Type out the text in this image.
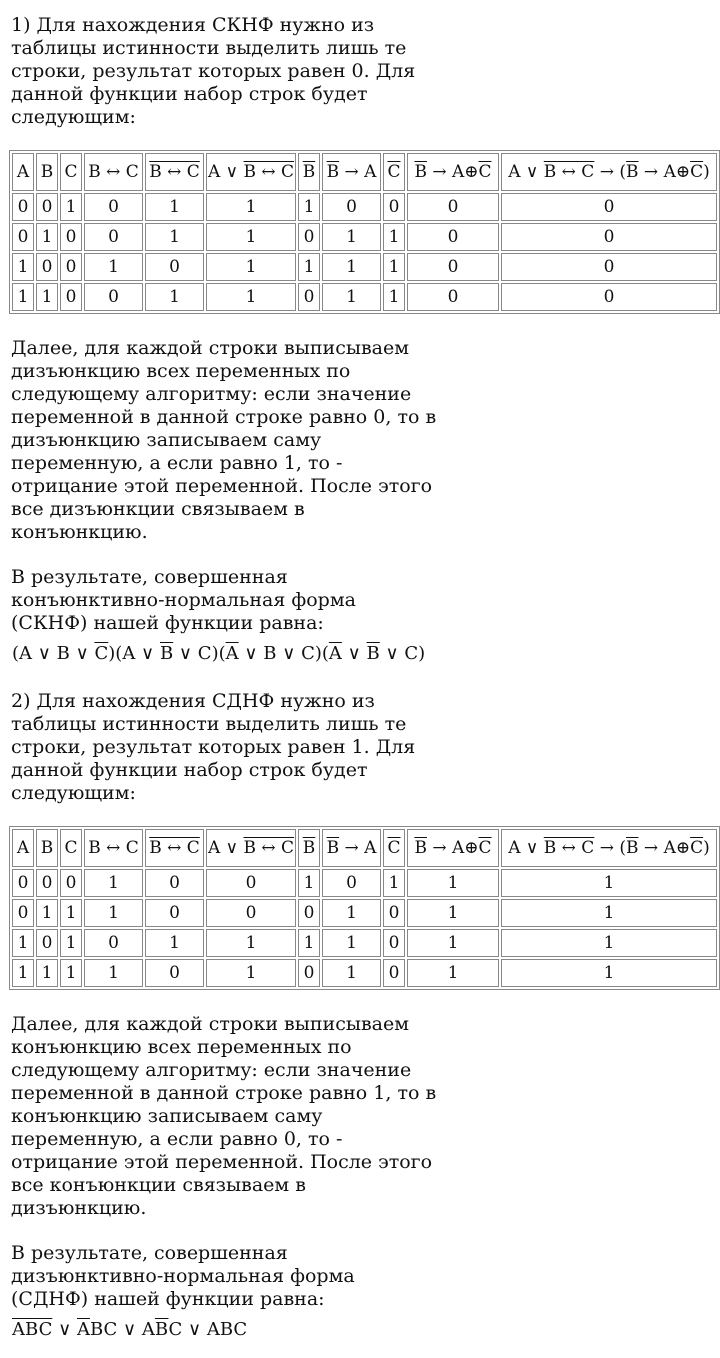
1) Для нахождения СКНФ нужно из
таблицы истинности выделить лишь те
строки, результат которых равен 0. Для
данной функции набор строк будет
следующим:
A	B	C	B ↔ C	B ↔ C	A ∨ B ↔ C	$\overline{B}$	$\overline{B} \to A$	$\overline{C}$	$\overline{B}$ → $A\oplus\overline{C}$	A ∨ B ↔ $C \to (\overline{B}$ → $A\oplus\overline{C}$)
0	0	1	0	1	1	1	0	0	0	0
0	1	0	0	1	1	0	1	1	0	0
1	0	0	1	0	1	1	1	1	0	0
1	1	0	0	1	1	0	1	1	0	0
Далее, для каждой строки выписываем
дизъюнкцию всех переменных по
следующему алгоритму: если значение
переменной в данной строке равно 0, то в
дизъюнкцию записываем саму
переменную, а если равно 1, то -
отрицание этой переменной. После этого
все дизъюнкции связываем в
конъюнкцию.
В результате, совершенная
конъюнктивно-нормальная форма
(СКНФ) нашей функции равна:
(A ∨ B ∨ $\overline{C})(A$ ∨ $\overline{B}$ ∨ $C)(\overline{A}$ ∨ B ∨ $C)(\overline{A}$ ∨ $\overline{B}$ ∨ C)
2) Для нахождения СДНФ нужно из
таблицы истинности выделить лишь те
строки, результат которых равен 1. Для
данной функции набор строк будет
следующим:
A	B	C	B ↔ C	B ↔ C	A ∨ B ↔ C	$\overline{B}$	$\overline{B} \to A$	$\overline{C}$	$\overline{B}$ → $A\oplus\overline{C}$	A ∨ B ↔ $C \to (\overline{B}$ → $A\oplus\overline{C}$)
0	0	0	1	0	0	1	0	1	1	1
0	1	1	1	0	0	0	1	0	1	1
1	0	1	0	1	1	1	1	0	1	1
1	1	1	1	0	1	0	1	0	1	1
Далее, для каждой строки выписываем
конъюнкцию всех переменных по
следующему алгоритму: если значение
переменной в данной строке равно 1, то в
конъюнкцию записываем саму
переменную, а если равно 0, то -
отрицание этой переменной. После этого
все конъюнкции связываем в
дизъюнкцию.
В результате, совершенная
дизъюнктивно-нормальная форма
(СДНФ) нашей функции равна:
$\overline{A}\overline{B}\overline{C}$ ∨ $\overline{A}BC$ ∨ $A\overline{B}C$ ∨ ABC
